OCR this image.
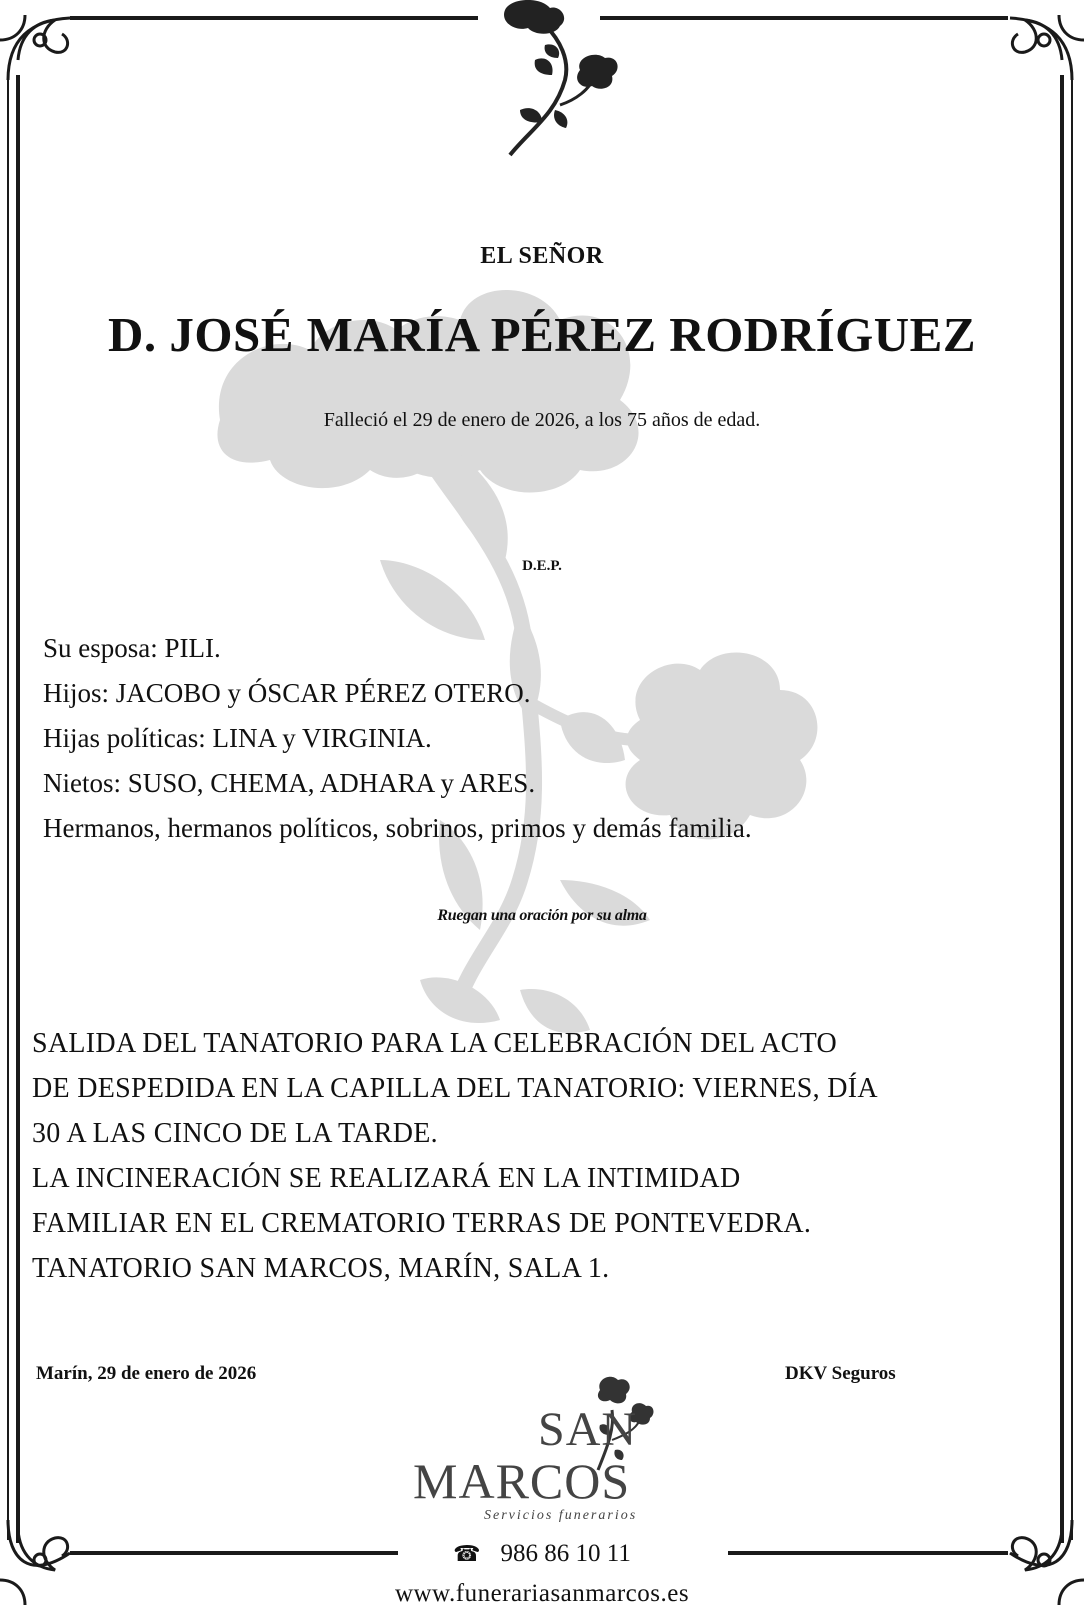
EL SEÑOR
D. JOSÉ MARÍA PÉREZ RODRÍGUEZ
Falleció el 29 de enero de 2026, a los 75 años de edad.
D.E.P.
Su esposa: PILI.
Hijos: JACOBO y ÓSCAR PÉREZ OTERO.
Hijas políticas: LINA y VIRGINIA.
Nietos: SUSO, CHEMA, ADHARA y ARES.
Hermanos, hermanos políticos, sobrinos, primos y demás familia.
Ruegan una oración por su alma
SALIDA DEL TANATORIO PARA LA CELEBRACIÓN DEL ACTO
DE DESPEDIDA EN LA CAPILLA DEL TANATORIO: VIERNES, DÍA
30 A LAS CINCO DE LA TARDE.
LA INCINERACIÓN SE REALIZARÁ EN LA INTIMIDAD
FAMILIAR EN EL CREMATORIO TERRAS DE PONTEVEDRA.
TANATORIO SAN MARCOS, MARÍN, SALA 1.
Marín, 29 de enero de 2026	DKV Seguros
SAN
MARCOS
Servicios funerarios
☎ 986 86 10 11
www.funerariasanmarcos.es
